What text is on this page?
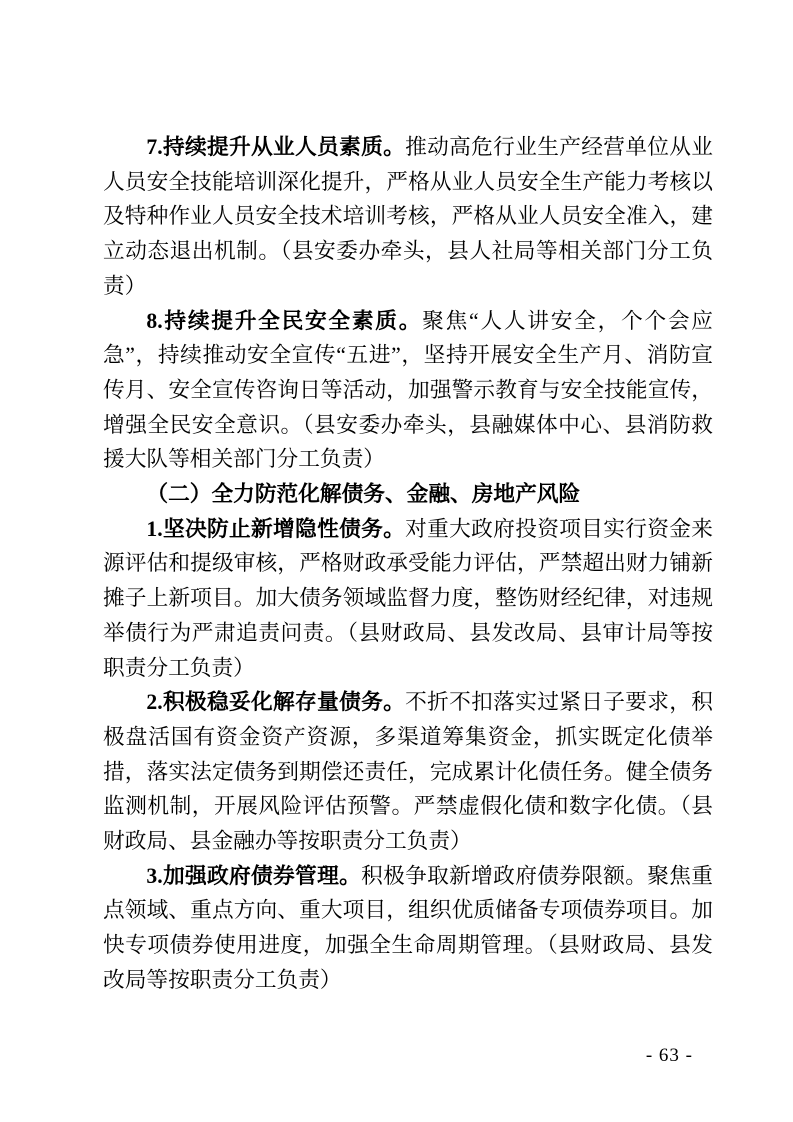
7.持续提升从业人员素质。推动高危行业生产经营单位从业人员安全技能培训深化提升，严格从业人员安全生产能力考核以及特种作业人员安全技术培训考核，严格从业人员安全准入，建立动态退出机制。（县安委办牵头，县人社局等相关部门分工负责）

8.持续提升全民安全素质。聚焦“人人讲安全，个个会应急”，持续推动安全宣传“五进”，坚持开展安全生产月、消防宣传月、安全宣传咨询日等活动，加强警示教育与安全技能宣传，增强全民安全意识。（县安委办牵头，县融媒体中心、县消防救援大队等相关部门分工负责）

（二）全力防范化解债务、金融、房地产风险

1.坚决防止新增隐性债务。对重大政府投资项目实行资金来源评估和提级审核，严格财政承受能力评估，严禁超出财力铺新摊子上新项目。加大债务领域监督力度，整饬财经纪律，对违规举债行为严肃追责问责。（县财政局、县发改局、县审计局等按职责分工负责）

2.积极稳妥化解存量债务。不折不扣落实过紧日子要求，积极盘活国有资金资产资源，多渠道筹集资金，抓实既定化债举措，落实法定债务到期偿还责任，完成累计化债任务。健全债务监测机制，开展风险评估预警。严禁虚假化债和数字化债。（县财政局、县金融办等按职责分工负责）

3.加强政府债券管理。积极争取新增政府债券限额。聚焦重点领域、重点方向、重大项目，组织优质储备专项债券项目。加快专项债券使用进度，加强全生命周期管理。（县财政局、县发改局等按职责分工负责）

- 63 -
